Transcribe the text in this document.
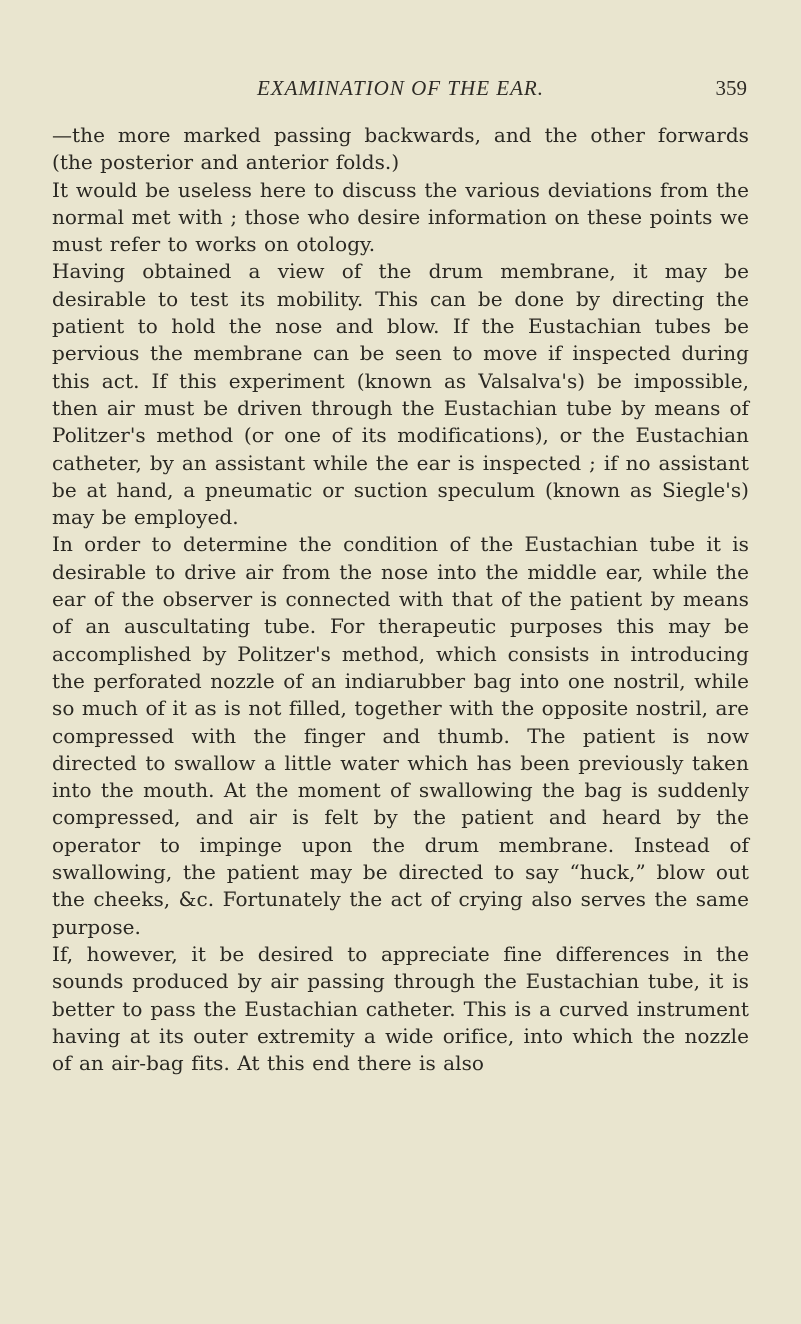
EXAMINATION OF THE EAR.	359

—the more marked passing backwards, and the other forwards (the posterior and anterior folds.)

It would be useless here to discuss the various deviations from the normal met with ; those who desire information on these points we must refer to works on otology.

Having obtained a view of the drum membrane, it may be desirable to test its mobility. This can be done by directing the patient to hold the nose and blow. If the Eustachian tubes be pervious the membrane can be seen to move if inspected during this act. If this experiment (known as Valsalva's) be impossible, then air must be driven through the Eustachian tube by means of Politzer's method (or one of its modifications), or the Eustachian catheter, by an assistant while the ear is inspected ; if no assistant be at hand, a pneumatic or suction speculum (known as Siegle's) may be employed.

In order to determine the condition of the Eustachian tube it is desirable to drive air from the nose into the middle ear, while the ear of the observer is connected with that of the patient by means of an auscultating tube. For therapeutic purposes this may be accomplished by Politzer's method, which consists in introducing the perforated nozzle of an indiarubber bag into one nostril, while so much of it as is not filled, together with the opposite nostril, are compressed with the finger and thumb. The patient is now directed to swallow a little water which has been previously taken into the mouth. At the moment of swallowing the bag is suddenly compressed, and air is felt by the patient and heard by the operator to impinge upon the drum membrane. Instead of swallowing, the patient may be directed to say “huck,” blow out the cheeks, &c. Fortunately the act of crying also serves the same purpose.

If, however, it be desired to appreciate fine differences in the sounds produced by air passing through the Eustachian tube, it is better to pass the Eustachian catheter. This is a curved instrument having at its outer extremity a wide orifice, into which the nozzle of an air-bag fits. At this end there is also
